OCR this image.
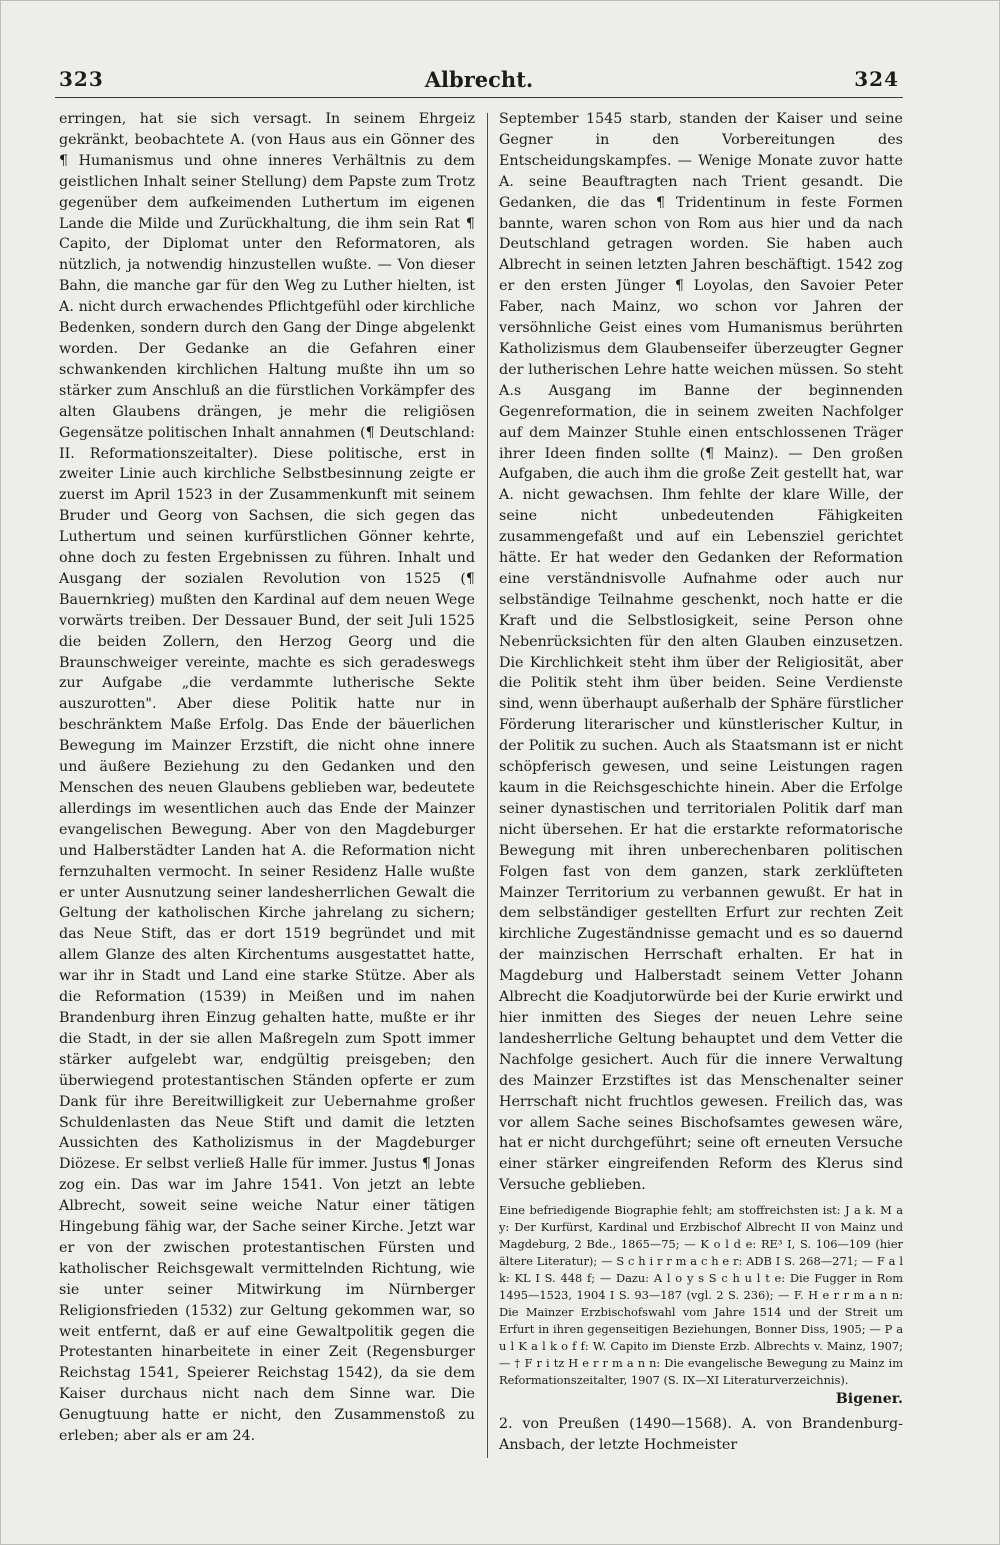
323	Albrecht.	324

erringen, hat sie sich versagt. In seinem Ehrgeiz gekränkt, beobachtete A. (von Haus aus ein Gönner des ¶ Humanismus und ohne inneres Verhältnis zu dem geistlichen Inhalt seiner Stellung) dem Papste zum Trotz gegenüber dem aufkeimenden Luthertum im eigenen Lande die Milde und Zurückhaltung, die ihm sein Rat ¶ Capito, der Diplomat unter den Reformatoren, als nützlich, ja notwendig hinzustellen wußte. — Von dieser Bahn, die manche gar für den Weg zu Luther hielten, ist A. nicht durch erwachendes Pflichtgefühl oder kirchliche Bedenken, sondern durch den Gang der Dinge abgelenkt worden. Der Gedanke an die Gefahren einer schwankenden kirchlichen Haltung mußte ihn um so stärker zum Anschluß an die fürstlichen Vorkämpfer des alten Glaubens drängen, je mehr die religiösen Gegensätze politischen Inhalt annahmen (¶ Deutschland: II. Reformationszeitalter). Diese politische, erst in zweiter Linie auch kirchliche Selbstbesinnung zeigte er zuerst im April 1523 in der Zusammenkunft mit seinem Bruder und Georg von Sachsen, die sich gegen das Luthertum und seinen kurfürstlichen Gönner kehrte, ohne doch zu festen Ergebnissen zu führen. Inhalt und Ausgang der sozialen Revolution von 1525 (¶ Bauernkrieg) mußten den Kardinal auf dem neuen Wege vorwärts treiben. Der Dessauer Bund, der seit Juli 1525 die beiden Zollern, den Herzog Georg und die Braunschweiger vereinte, machte es sich geradeswegs zur Aufgabe „die verdammte lutherische Sekte auszurotten". Aber diese Politik hatte nur in beschränktem Maße Erfolg. Das Ende der bäuerlichen Bewegung im Mainzer Erzstift, die nicht ohne innere und äußere Beziehung zu den Gedanken und den Menschen des neuen Glaubens geblieben war, bedeutete allerdings im wesentlichen auch das Ende der Mainzer evangelischen Bewegung. Aber von den Magdeburger und Halberstädter Landen hat A. die Reformation nicht fernzuhalten vermocht. In seiner Residenz Halle wußte er unter Ausnutzung seiner landesherrlichen Gewalt die Geltung der katholischen Kirche jahrelang zu sichern; das Neue Stift, das er dort 1519 begründet und mit allem Glanze des alten Kirchentums ausgestattet hatte, war ihr in Stadt und Land eine starke Stütze. Aber als die Reformation (1539) in Meißen und im nahen Brandenburg ihren Einzug gehalten hatte, mußte er ihr die Stadt, in der sie allen Maßregeln zum Spott immer stärker aufgelebt war, endgültig preisgeben; den überwiegend protestantischen Ständen opferte er zum Dank für ihre Bereitwilligkeit zur Uebernahme großer Schuldenlasten das Neue Stift und damit die letzten Aussichten des Katholizismus in der Magdeburger Diözese. Er selbst verließ Halle für immer. Justus ¶ Jonas zog ein. Das war im Jahre 1541. Von jetzt an lebte Albrecht, soweit seine weiche Natur einer tätigen Hingebung fähig war, der Sache seiner Kirche. Jetzt war er von der zwischen protestantischen Fürsten und katholischer Reichsgewalt vermittelnden Richtung, wie sie unter seiner Mitwirkung im Nürnberger Religionsfrieden (1532) zur Geltung gekommen war, so weit entfernt, daß er auf eine Gewaltpolitik gegen die Protestanten hinarbeitete in einer Zeit (Regensburger Reichstag 1541, Speierer Reichstag 1542), da sie dem Kaiser durchaus nicht nach dem Sinne war. Die Genugtuung hatte er nicht, den Zusammenstoß zu erleben; aber als er am 24.

September 1545 starb, standen der Kaiser und seine Gegner in den Vorbereitungen des Entscheidungskampfes. — Wenige Monate zuvor hatte A. seine Beauftragten nach Trient gesandt. Die Gedanken, die das ¶ Tridentinum in feste Formen bannte, waren schon von Rom aus hier und da nach Deutschland getragen worden. Sie haben auch Albrecht in seinen letzten Jahren beschäftigt. 1542 zog er den ersten Jünger ¶ Loyolas, den Savoier Peter Faber, nach Mainz, wo schon vor Jahren der versöhnliche Geist eines vom Humanismus berührten Katholizismus dem Glaubenseifer überzeugter Gegner der lutherischen Lehre hatte weichen müssen. So steht A.s Ausgang im Banne der beginnenden Gegenreformation, die in seinem zweiten Nachfolger auf dem Mainzer Stuhle einen entschlossenen Träger ihrer Ideen finden sollte (¶ Mainz). — Den großen Aufgaben, die auch ihm die große Zeit gestellt hat, war A. nicht gewachsen. Ihm fehlte der klare Wille, der seine nicht unbedeutenden Fähigkeiten zusammengefaßt und auf ein Lebensziel gerichtet hätte. Er hat weder den Gedanken der Reformation eine verständnisvolle Aufnahme oder auch nur selbständige Teilnahme geschenkt, noch hatte er die Kraft und die Selbstlosigkeit, seine Person ohne Nebenrücksichten für den alten Glauben einzusetzen. Die Kirchlichkeit steht ihm über der Religiosität, aber die Politik steht ihm über beiden. Seine Verdienste sind, wenn überhaupt außerhalb der Sphäre fürstlicher Förderung literarischer und künstlerischer Kultur, in der Politik zu suchen. Auch als Staatsmann ist er nicht schöpferisch gewesen, und seine Leistungen ragen kaum in die Reichsgeschichte hinein. Aber die Erfolge seiner dynastischen und territorialen Politik darf man nicht übersehen. Er hat die erstarkte reformatorische Bewegung mit ihren unberechenbaren politischen Folgen fast von dem ganzen, stark zerklüfteten Mainzer Territorium zu verbannen gewußt. Er hat in dem selbständiger gestellten Erfurt zur rechten Zeit kirchliche Zugeständnisse gemacht und es so dauernd der mainzischen Herrschaft erhalten. Er hat in Magdeburg und Halberstadt seinem Vetter Johann Albrecht die Koadjutorwürde bei der Kurie erwirkt und hier inmitten des Sieges der neuen Lehre seine landesherrliche Geltung behauptet und dem Vetter die Nachfolge gesichert. Auch für die innere Verwaltung des Mainzer Erzstiftes ist das Menschenalter seiner Herrschaft nicht fruchtlos gewesen. Freilich das, was vor allem Sache seines Bischofsamtes gewesen wäre, hat er nicht durchgeführt; seine oft erneuten Versuche einer stärker eingreifenden Reform des Klerus sind Versuche geblieben.

Eine befriedigende Biographie fehlt; am stoffreichsten ist: J a k. M a y: Der Kurfürst, Kardinal und Erzbischof Albrecht II von Mainz und Magdeburg, 2 Bde., 1865—75; — K o l d e: RE³ I, S. 106—109 (hier ältere Literatur); — S c h i r r m a c h e r: ADB I S. 268—271; — F a l k: KL I S. 448 f; — Dazu: A l o y s S c h u l t e: Die Fugger in Rom 1495—1523, 1904 I S. 93—187 (vgl. 2 S. 236); — F. H e r r m a n n: Die Mainzer Erzbischofswahl vom Jahre 1514 und der Streit um Erfurt in ihren gegenseitigen Beziehungen, Bonner Diss, 1905; — P a u l K a l k o f f: W. Capito im Dienste Erzb. Albrechts v. Mainz, 1907; — † F r i tz H e r r m a n n: Die evangelische Bewegung zu Mainz im Reformationszeitalter, 1907 (S. IX—XI Literaturverzeichnis).
Bigener.
2. von Preußen (1490—1568). A. von Brandenburg-Ansbach, der letzte Hochmeister
